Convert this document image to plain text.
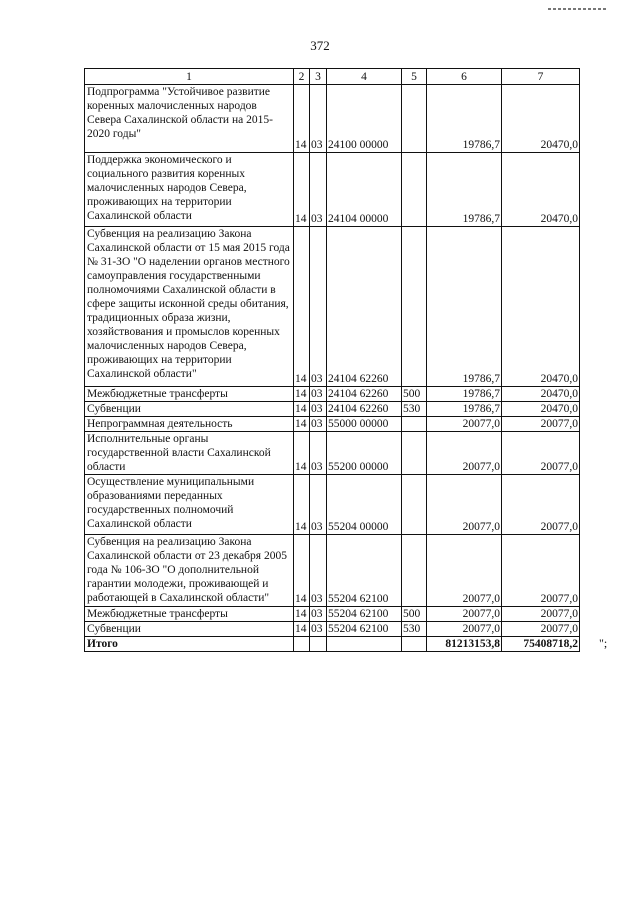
372
1	2	3	4	5	6	7
Подпрограмма "Устойчивое развитие коренных малочисленных народов Севера Сахалинской области на 2015-2020 годы"	14	03	24100 00000		19786,7	20470,0
Поддержка экономического и социального развития коренных малочисленных народов Севера, проживающих на территории Сахалинской области	14	03	24104 00000		19786,7	20470,0
Субвенция на реализацию Закона Сахалинской области от 15 мая 2015 года № 31-ЗО "О наделении органов местного самоуправления государственными полномочиями Сахалинской области в сфере защиты исконной среды обитания, традиционных образа жизни, хозяйствования и промыслов коренных малочисленных народов Севера, проживающих на территории Сахалинской области"	14	03	24104 62260		19786,7	20470,0
Межбюджетные трансферты	14	03	24104 62260	500	19786,7	20470,0
Субвенции	14	03	24104 62260	530	19786,7	20470,0
Непрограммная деятельность	14	03	55000 00000		20077,0	20077,0
Исполнительные органы государственной власти Сахалинской области	14	03	55200 00000		20077,0	20077,0
Осуществление муниципальными образованиями переданных государственных полномочий Сахалинской области	14	03	55204 00000		20077,0	20077,0
Субвенция на реализацию Закона Сахалинской области от 23 декабря 2005 года № 106-ЗО "О дополнительной гарантии молодежи, проживающей и работающей в Сахалинской области"	14	03	55204 62100		20077,0	20077,0
Межбюджетные трансферты	14	03	55204 62100	500	20077,0	20077,0
Субвенции	14	03	55204 62100	530	20077,0	20077,0
Итого					81213153,8	75408718,2 ";
